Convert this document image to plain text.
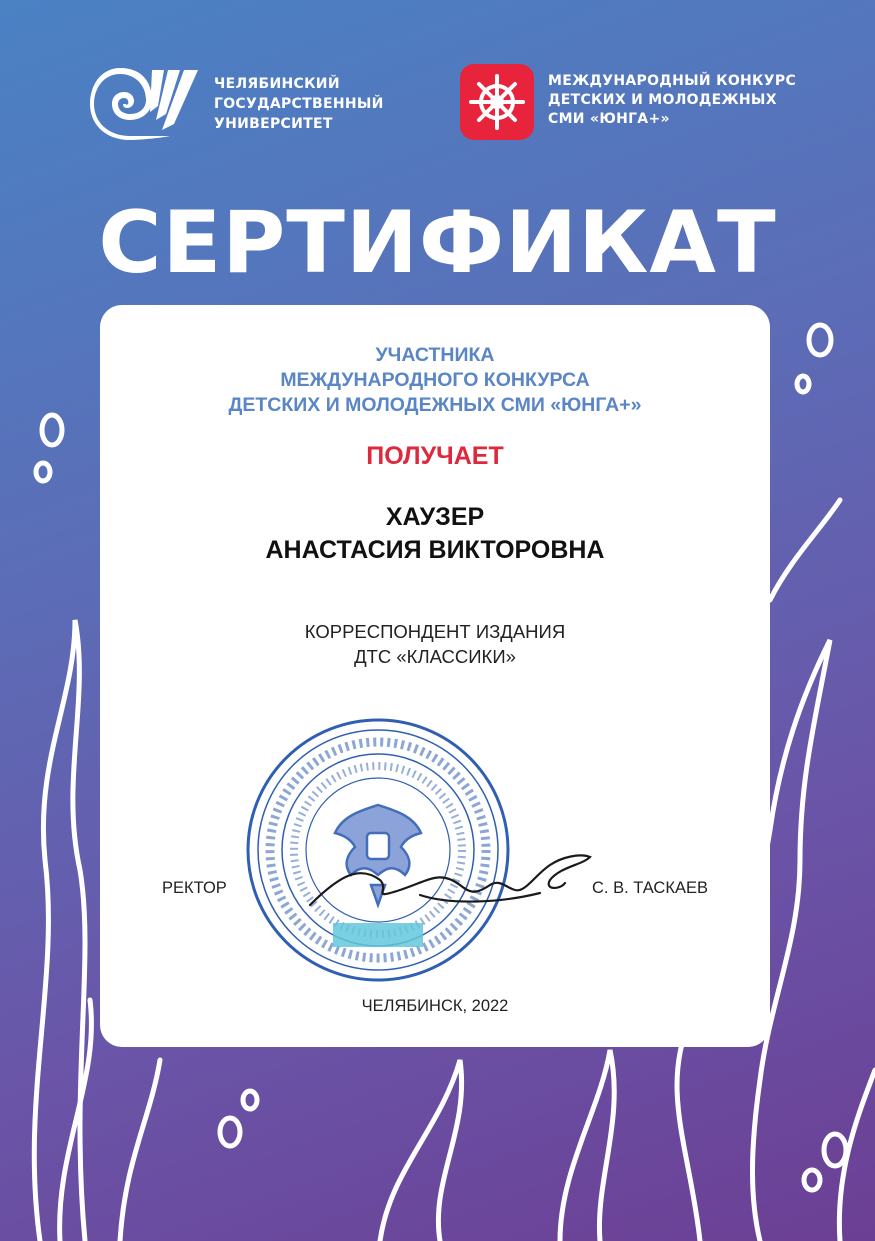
ЧЕЛЯБИНСКИЙ
ГОСУДАРСТВЕННЫЙ
УНИВЕРСИТЕТ
МЕЖДУНАРОДНЫЙ КОНКУРС
ДЕТСКИХ И МОЛОДЕЖНЫХ
СМИ «ЮНГА+»
СЕРТИФИКАТ
УЧАСТНИКА
МЕЖДУНАРОДНОГО КОНКУРСА
ДЕТСКИХ И МОЛОДЕЖНЫХ СМИ «ЮНГА+»
ПОЛУЧАЕТ
ХАУЗЕР
АНАСТАСИЯ ВИКТОРОВНА
КОРРЕСПОНДЕНТ ИЗДАНИЯ
ДТС «КЛАССИКИ»
РЕКТОР	С. В. ТАСКАЕВ
ЧЕЛЯБИНСК, 2022
